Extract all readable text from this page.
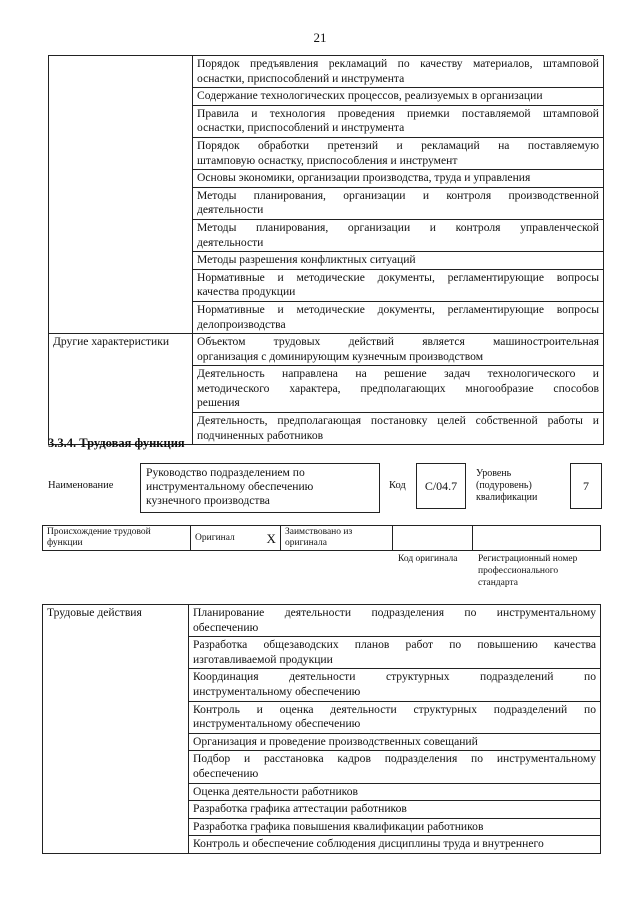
21

	Порядок предъявления рекламаций по качеству материалов, штамповой
оснастки, приспособлений и инструмента

	Содержание технологических процессов, реализуемых в организации

	Правила и технология проведения приемки поставляемой штамповой
оснастки, приспособлений и инструмента

	Порядок обработки претензий и рекламаций на поставляемую
штамповую оснастку, приспособления и инструмент

	Основы экономики, организации производства, труда и управления

	Методы планирования, организации и контроля производственной
деятельности

	Методы планирования, организации и контроля управленческой
деятельности

	Методы разрешения конфликтных ситуаций

	Нормативные и методические документы, регламентирующие вопросы
качества продукции

	Нормативные и методические документы, регламентирующие вопросы
делопроизводства

Другие характеристики	Объектом трудовых действий является машиностроительная
организация с доминирующим кузнечным производством

	Деятельность направлена на решение задач технологического и
методического характера, предполагающих многообразие способов
решения

	Деятельность, предполагающая постановку целей собственной работы и
подчиненных работников
3.3.4. Трудовая функция
Наименование
Руководство подразделением по
инструментальному обеспечению
кузнечного производства
Код C/04.7
Уровень
(подуровень)
квалификации
7
Происхождение трудовой
функции
	Оригинал	X	Заимствовано из
оригинала

Код оригинала Регистрационный номер
профессионального
стандарта
Трудовые действия	Планирование деятельности подразделения по инструментальному
обеспечению

Разработка общезаводских планов работ по повышению качества
изготавливаемой продукции

Координация деятельности структурных подразделений по
инструментальному обеспечению

Контроль и оценка деятельности структурных подразделений по
инструментальному обеспечению

Организация и проведение производственных совещаний

Подбор и расстановка кадров подразделения по инструментальному
обеспечению

Оценка деятельности работников

Разработка графика аттестации работников

Разработка графика повышения квалификации работников

Контроль и обеспечение соблюдения дисциплины труда и внутреннего
